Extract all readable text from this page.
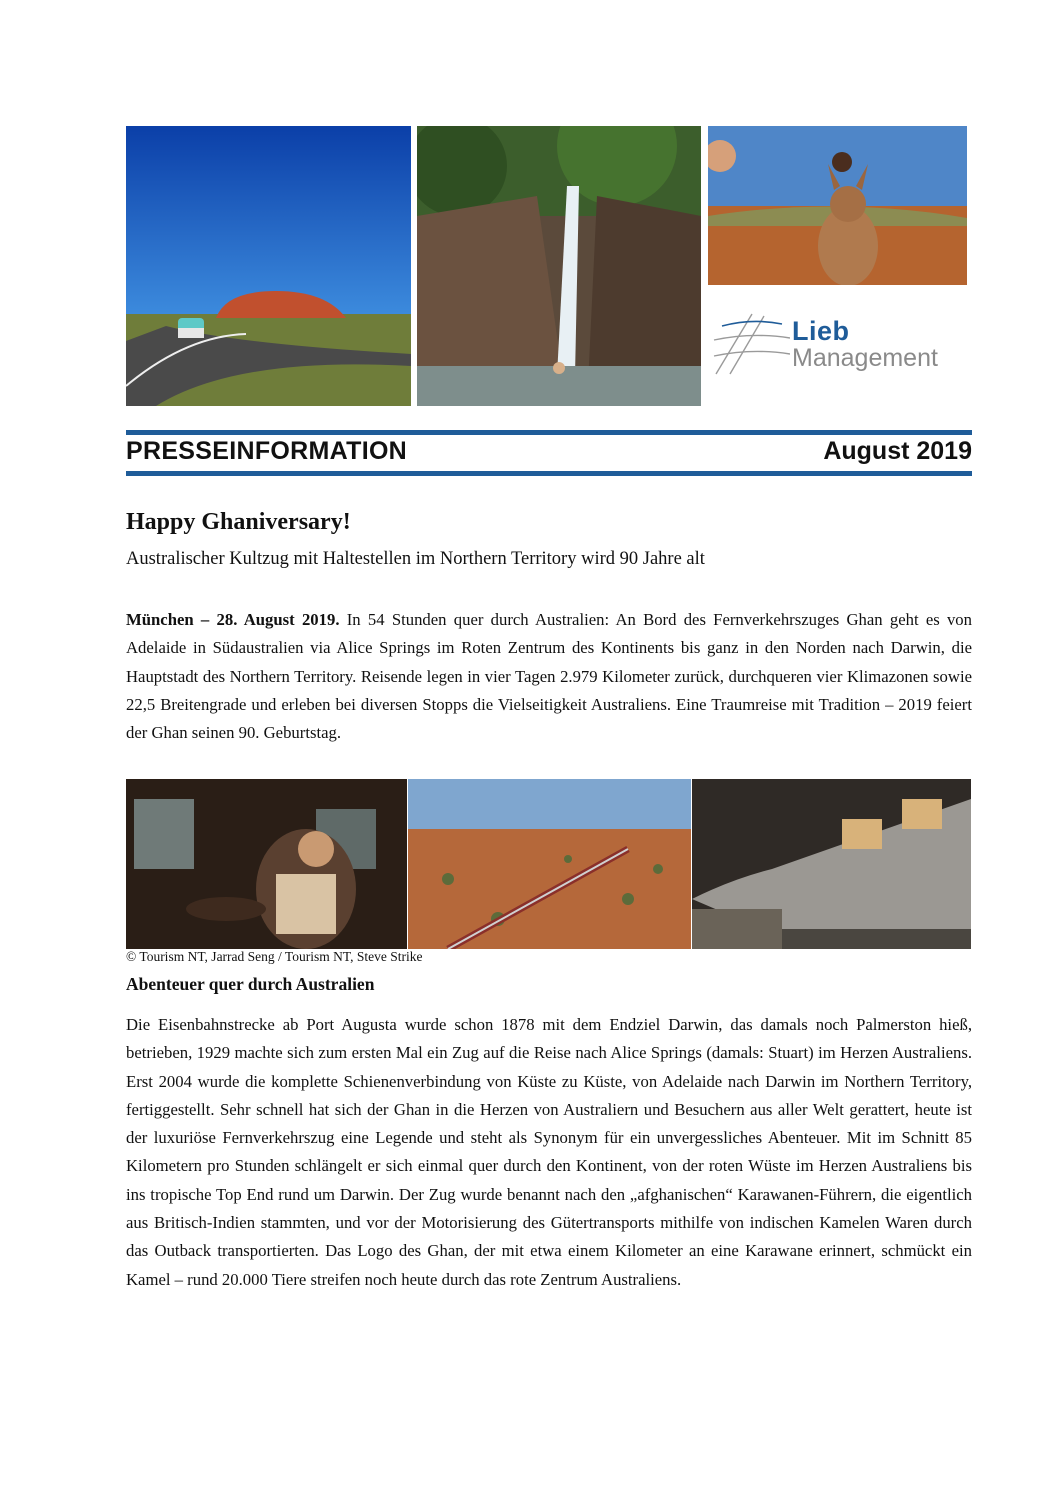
Lieb
Management
PRESSEINFORMATION	August 2019
Happy Ghaniversary!
Australischer Kultzug mit Haltestellen im Northern Territory wird 90 Jahre alt

München – 28. August 2019. In 54 Stunden quer durch Australien: An Bord des Fernverkehrszuges Ghan geht es von Adelaide in Südaustralien via Alice Springs im Roten Zentrum des Kontinents bis ganz in den Norden nach Darwin, die Hauptstadt des Northern Territory. Reisende legen in vier Tagen 2.979 Kilometer zurück, durchqueren vier Klimazonen sowie 22,5 Breitengrade und erleben bei diversen Stopps die Vielseitigkeit Australiens. Eine Traumreise mit Tradition – 2019 feiert der Ghan seinen 90. Geburtstag.

© Tourism NT, Jarrad Seng / Tourism NT, Steve Strike
Abenteuer quer durch Australien

Die Eisenbahnstrecke ab Port Augusta wurde schon 1878 mit dem Endziel Darwin, das damals noch Palmerston hieß, betrieben, 1929 machte sich zum ersten Mal ein Zug auf die Reise nach Alice Springs (damals: Stuart) im Herzen Australiens. Erst 2004 wurde die komplette Schienenverbindung von Küste zu Küste, von Adelaide nach Darwin im Northern Territory, fertiggestellt. Sehr schnell hat sich der Ghan in die Herzen von Australiern und Besuchern aus aller Welt gerattert, heute ist der luxuriöse Fernverkehrszug eine Legende und steht als Synonym für ein unvergessliches Abenteuer. Mit im Schnitt 85 Kilometern pro Stunden schlängelt er sich einmal quer durch den Kontinent, von der roten Wüste im Herzen Australiens bis ins tropische Top End rund um Darwin. Der Zug wurde benannt nach den „afghanischen“ Karawanen-Führern, die eigentlich aus Britisch-Indien stammten, und vor der Motorisierung des Gütertransports mithilfe von indischen Kamelen Waren durch das Outback transportierten. Das Logo des Ghan, der mit etwa einem Kilometer an eine Karawane erinnert, schmückt ein Kamel – rund 20.000 Tiere streifen noch heute durch das rote Zentrum Australiens.
